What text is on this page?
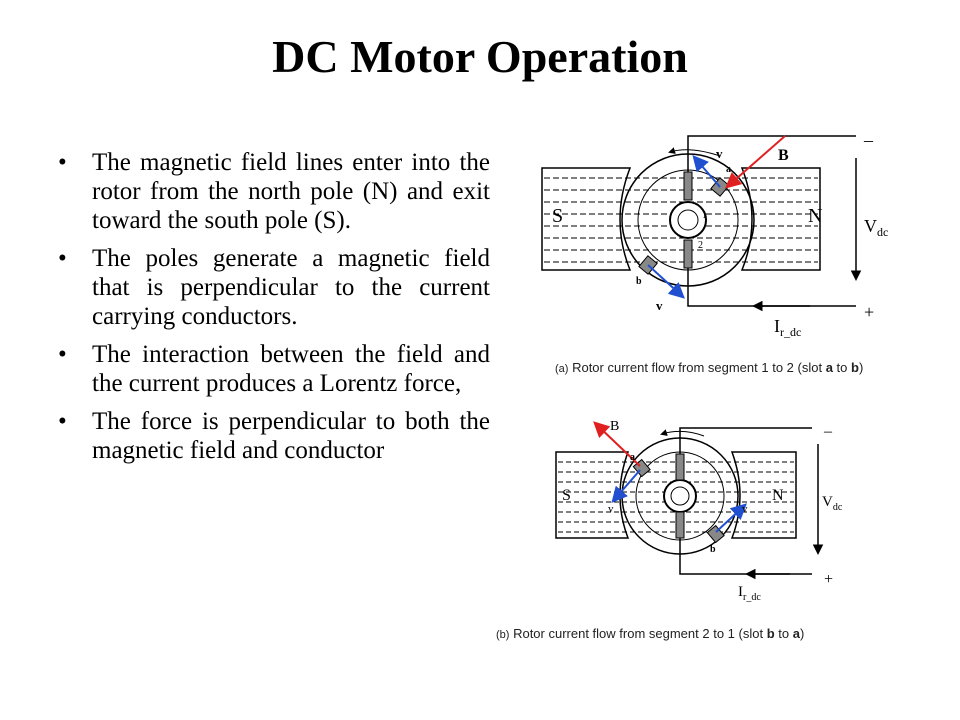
DC Motor Operation
• The magnetic field lines enter into the rotor from the north pole (N) and exit toward the south pole (S).
• The poles generate a magnetic field that is perpendicular to the current carrying conductors.
• The interaction between the field and the current produces a Lorentz force,
• The force is perpendicular to both the magnetic field and conductor
S	N
B
v
v
a
b
1
2
–
+
$V_{dc}$
$I_{r\_dc}$
(a) Rotor current flow from segment 1 to 2 (slot a to b)
S	N
B
v	v
a
b
–
+
$V_{dc}$
$I_{r\_dc}$
(b) Rotor current flow from segment 2 to 1 (slot b to a)
